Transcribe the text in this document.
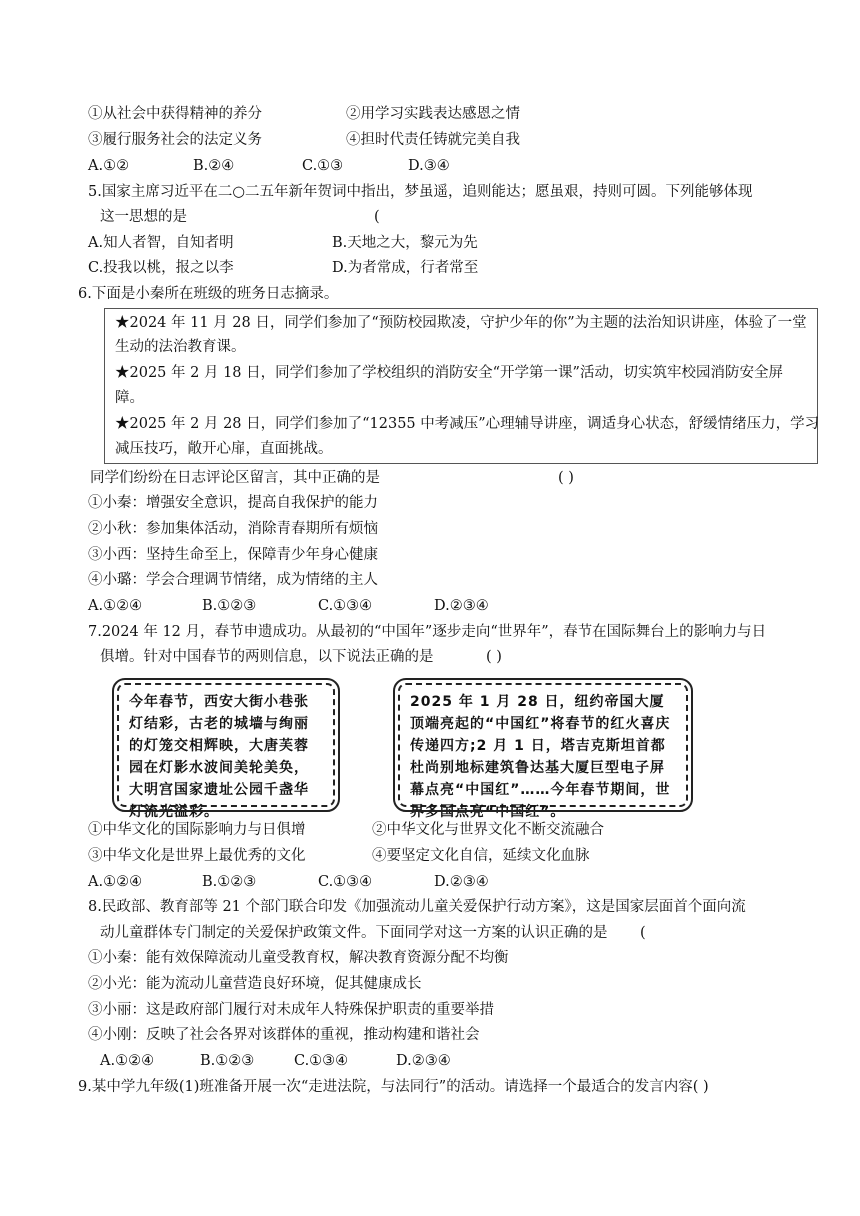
①从社会中获得精神的养分	②用学习实践表达感恩之情
③履行服务社会的法定义务	④担时代责任铸就完美自我
A.①②	B.②④	C.①③	D.③④
5.国家主席习近平在二○二五年新年贺词中指出，梦虽遥，追则能达；愿虽艰，持则可圆。下列能够体现
这一思想的是	(
A.知人者智，自知者明	B.天地之大，黎元为先
C.投我以桃，报之以李	D.为者常成，行者常至
6.下面是小秦所在班级的班务日志摘录。
★2024 年 11 月 28 日，同学们参加了“预防校园欺凌，守护少年的你”为主题的法治知识讲座，体验了一堂
生动的法治教育课。
★2025 年 2 月 18 日，同学们参加了学校组织的消防安全“开学第一课”活动，切实筑牢校园消防安全屏
障。
★2025 年 2 月 28 日，同学们参加了“12355 中考减压”心理辅导讲座，调适身心状态，舒缓情绪压力，学习
减压技巧，敞开心扉，直面挑战。
同学们纷纷在日志评论区留言，其中正确的是	( )
①小秦：增强安全意识，提高自我保护的能力
②小秋：参加集体活动，消除青春期所有烦恼
③小西：坚持生命至上，保障青少年身心健康
④小璐：学会合理调节情绪，成为情绪的主人
A.①②④	B.①②③	C.①③④	D.②③④
7.2024 年 12 月，春节申遗成功。从最初的“中国年”逐步走向“世界年”，春节在国际舞台上的影响力与日
俱增。针对中国春节的两则信息，以下说法正确的是	( )
今年春节，西安大街小巷张灯结彩，古老的城墙与绚丽的灯笼交相辉映，大唐芙蓉园在灯影水波间美轮美奂，大明宫国家遗址公园千盏华灯流光溢彩。
2025 年 1 月 28 日，纽约帝国大厦顶端亮起的“中国红”将春节的红火喜庆传递四方;2 月 1 日，塔吉克斯坦首都杜尚别地标建筑鲁达基大厦巨型电子屏幕点亮“中国红”……今年春节期间，世界多国点亮“中国红”。
①中华文化的国际影响力与日俱增	②中华文化与世界文化不断交流融合
③中华文化是世界上最优秀的文化	④要坚定文化自信，延续文化血脉
A.①②④	B.①②③	C.①③④	D.②③④
8.民政部、教育部等 21 个部门联合印发《加强流动儿童关爱保护行动方案》，这是国家层面首个面向流
动儿童群体专门制定的关爱保护政策文件。下面同学对这一方案的认识正确的是 (
①小秦：能有效保障流动儿童受教育权，解决教育资源分配不均衡
②小光：能为流动儿童营造良好环境，促其健康成长
③小丽：这是政府部门履行对未成年人特殊保护职责的重要举措
④小刚：反映了社会各界对该群体的重视，推动构建和谐社会
A.①②④	B.①②③	C.①③④	D.②③④
9.某中学九年级(1)班准备开展一次“走进法院，与法同行”的活动。请选择一个最适合的发言内容( )
